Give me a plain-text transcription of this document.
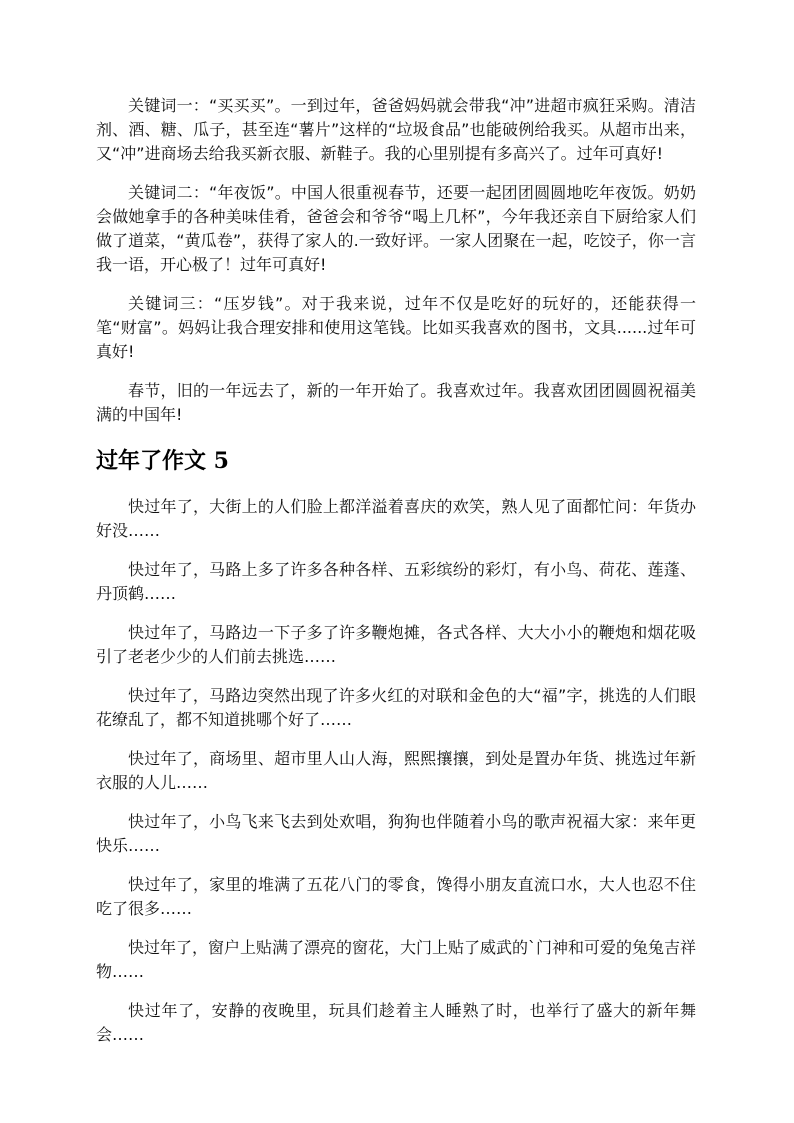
关键词一：“买买买”。一到过年，爸爸妈妈就会带我“冲”进超市疯狂采购。清洁剂、酒、糖、瓜子，甚至连“薯片”这样的“垃圾食品”也能破例给我买。从超市出来，又“冲”进商场去给我买新衣服、新鞋子。我的心里别提有多高兴了。过年可真好!

关键词二：“年夜饭”。中国人很重视春节，还要一起团团圆圆地吃年夜饭。奶奶会做她拿手的各种美味佳肴，爸爸会和爷爷“喝上几杯”，今年我还亲自下厨给家人们做了道菜，“黄瓜卷”，获得了家人的.一致好评。一家人团聚在一起，吃饺子，你一言我一语，开心极了！过年可真好!

关键词三：“压岁钱”。对于我来说，过年不仅是吃好的玩好的，还能获得一笔“财富”。妈妈让我合理安排和使用这笔钱。比如买我喜欢的图书，文具......过年可真好!

春节，旧的一年远去了，新的一年开始了。我喜欢过年。我喜欢团团圆圆祝福美满的中国年!

过年了作文 5

快过年了，大街上的人们脸上都洋溢着喜庆的欢笑，熟人见了面都忙问：年货办好没……

快过年了，马路上多了许多各种各样、五彩缤纷的彩灯，有小鸟、荷花、莲蓬、丹顶鹤……

快过年了，马路边一下子多了许多鞭炮摊，各式各样、大大小小的鞭炮和烟花吸引了老老少少的人们前去挑选……

快过年了，马路边突然出现了许多火红的对联和金色的大“福”字，挑选的人们眼花缭乱了，都不知道挑哪个好了……

快过年了，商场里、超市里人山人海，熙熙攘攘，到处是置办年货、挑选过年新衣服的人儿……

快过年了，小鸟飞来飞去到处欢唱，狗狗也伴随着小鸟的歌声祝福大家：来年更快乐……

快过年了，家里的堆满了五花八门的零食，馋得小朋友直流口水，大人也忍不住吃了很多……

快过年了，窗户上贴满了漂亮的窗花，大门上贴了威武的`门神和可爱的兔兔吉祥物……

快过年了，安静的夜晚里，玩具们趁着主人睡熟了时，也举行了盛大的新年舞会……
